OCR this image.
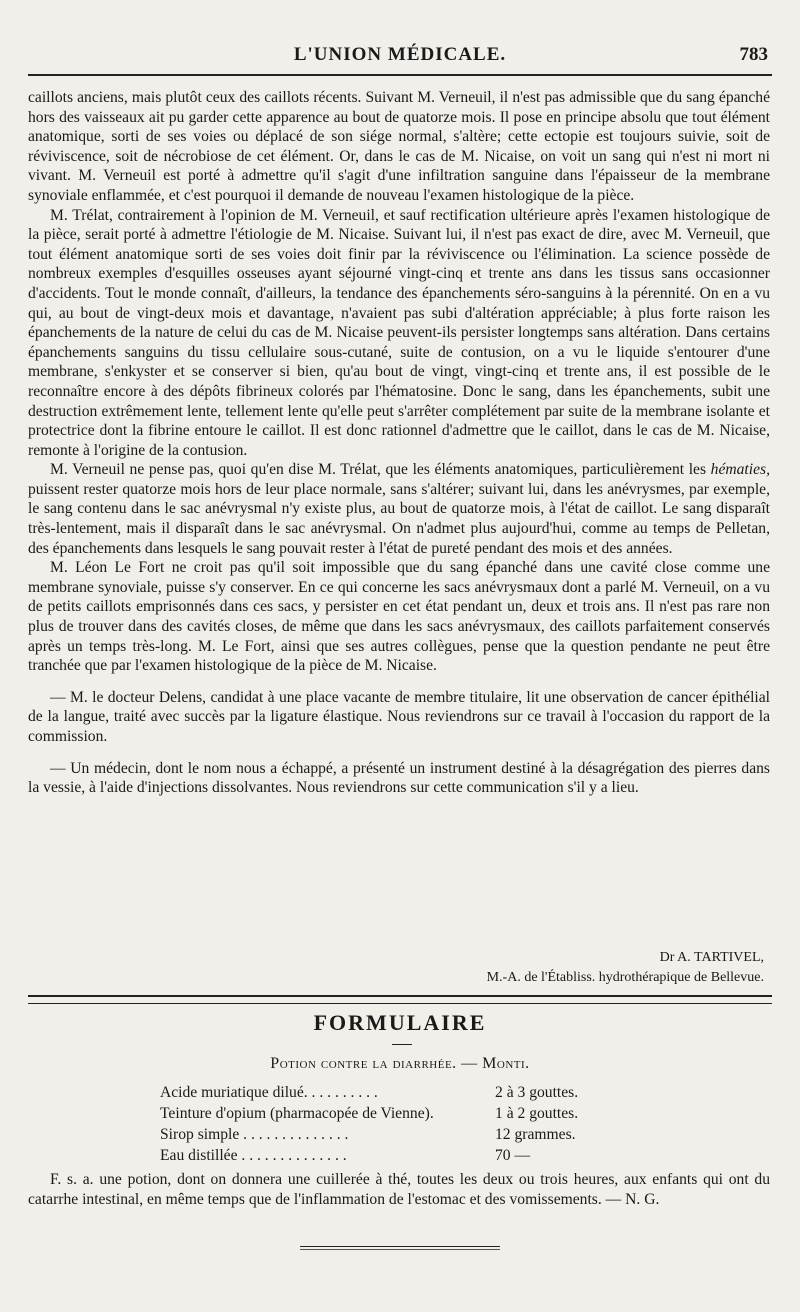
L'UNION MÉDICALE.	783

caillots anciens, mais plutôt ceux des caillots récents. Suivant M. Verneuil, il n'est pas admissible que du sang épanché hors des vaisseaux ait pu garder cette apparence au bout de quatorze mois. Il pose en principe absolu que tout élément anatomique, sorti de ses voies ou déplacé de son siége normal, s'altère; cette ectopie est toujours suivie, soit de réviviscence, soit de nécrobiose de cet élément. Or, dans le cas de M. Nicaise, on voit un sang qui n'est ni mort ni vivant. M. Verneuil est porté à admettre qu'il s'agit d'une infiltration sanguine dans l'épaisseur de la membrane synoviale enflammée, et c'est pourquoi il demande de nouveau l'examen histologique de la pièce.

M. Trélat, contrairement à l'opinion de M. Verneuil, et sauf rectification ultérieure après l'examen histologique de la pièce, serait porté à admettre l'étiologie de M. Nicaise. Suivant lui, il n'est pas exact de dire, avec M. Verneuil, que tout élément anatomique sorti de ses voies doit finir par la réviviscence ou l'élimination. La science possède de nombreux exemples d'esquilles osseuses ayant séjourné vingt-cinq et trente ans dans les tissus sans occasionner d'accidents. Tout le monde connaît, d'ailleurs, la tendance des épanchements séro-sanguins à la pérennité. On en a vu qui, au bout de vingt-deux mois et davantage, n'avaient pas subi d'altération appréciable; à plus forte raison les épanchements de la nature de celui du cas de M. Nicaise peuvent-ils persister longtemps sans altération. Dans certains épanchements sanguins du tissu cellulaire sous-cutané, suite de contusion, on a vu le liquide s'entourer d'une membrane, s'enkyster et se conserver si bien, qu'au bout de vingt, vingt-cinq et trente ans, il est possible de le reconnaître encore à des dépôts fibrineux colorés par l'hématosine. Donc le sang, dans les épanchements, subit une destruction extrêmement lente, tellement lente qu'elle peut s'arrêter complétement par suite de la membrane isolante et protectrice dont la fibrine entoure le caillot. Il est donc rationnel d'admettre que le caillot, dans le cas de M. Nicaise, remonte à l'origine de la contusion.

M. Verneuil ne pense pas, quoi qu'en dise M. Trélat, que les éléments anatomiques, particulièrement les hématies, puissent rester quatorze mois hors de leur place normale, sans s'altérer; suivant lui, dans les anévrysmes, par exemple, le sang contenu dans le sac anévrysmal n'y existe plus, au bout de quatorze mois, à l'état de caillot. Le sang disparaît très-lentement, mais il disparaît dans le sac anévrysmal. On n'admet plus aujourd'hui, comme au temps de Pelletan, des épanchements dans lesquels le sang pouvait rester à l'état de pureté pendant des mois et des années.

M. Léon Le Fort ne croit pas qu'il soit impossible que du sang épanché dans une cavité close comme une membrane synoviale, puisse s'y conserver. En ce qui concerne les sacs anévrysmaux dont a parlé M. Verneuil, on a vu de petits caillots emprisonnés dans ces sacs, y persister en cet état pendant un, deux et trois ans. Il n'est pas rare non plus de trouver dans des cavités closes, de même que dans les sacs anévrysmaux, des caillots parfaitement conservés après un temps très-long. M. Le Fort, ainsi que ses autres collègues, pense que la question pendante ne peut être tranchée que par l'examen histologique de la pièce de M. Nicaise.

— M. le docteur Delens, candidat à une place vacante de membre titulaire, lit une observation de cancer épithélial de la langue, traité avec succès par la ligature élastique. Nous reviendrons sur ce travail à l'occasion du rapport de la commission.

— Un médecin, dont le nom nous a échappé, a présenté un instrument destiné à la désagrégation des pierres dans la vessie, à l'aide d'injections dissolvantes. Nous reviendrons sur cette communication s'il y a lieu.

Dr A. TARTIVEL,
M.-A. de l'Établiss. hydrothérapique de Bellevue.
FORMULAIRE
Potion contre la diarrhée. — Monti.
Acide muriatique dilué. . . . . . . . . .	2 à 3 gouttes.
Teinture d'opium (pharmacopée de Vienne).	1 à 2 gouttes.
Sirop simple . . . . . . . . . . . . . .	12 grammes.
Eau distillée . . . . . . . . . . . . . .	70 —

F. s. a. une potion, dont on donnera une cuillerée à thé, toutes les deux ou trois heures, aux enfants qui ont du catarrhe intestinal, en même temps que de l'inflammation de l'estomac et des vomissements. — N. G.
